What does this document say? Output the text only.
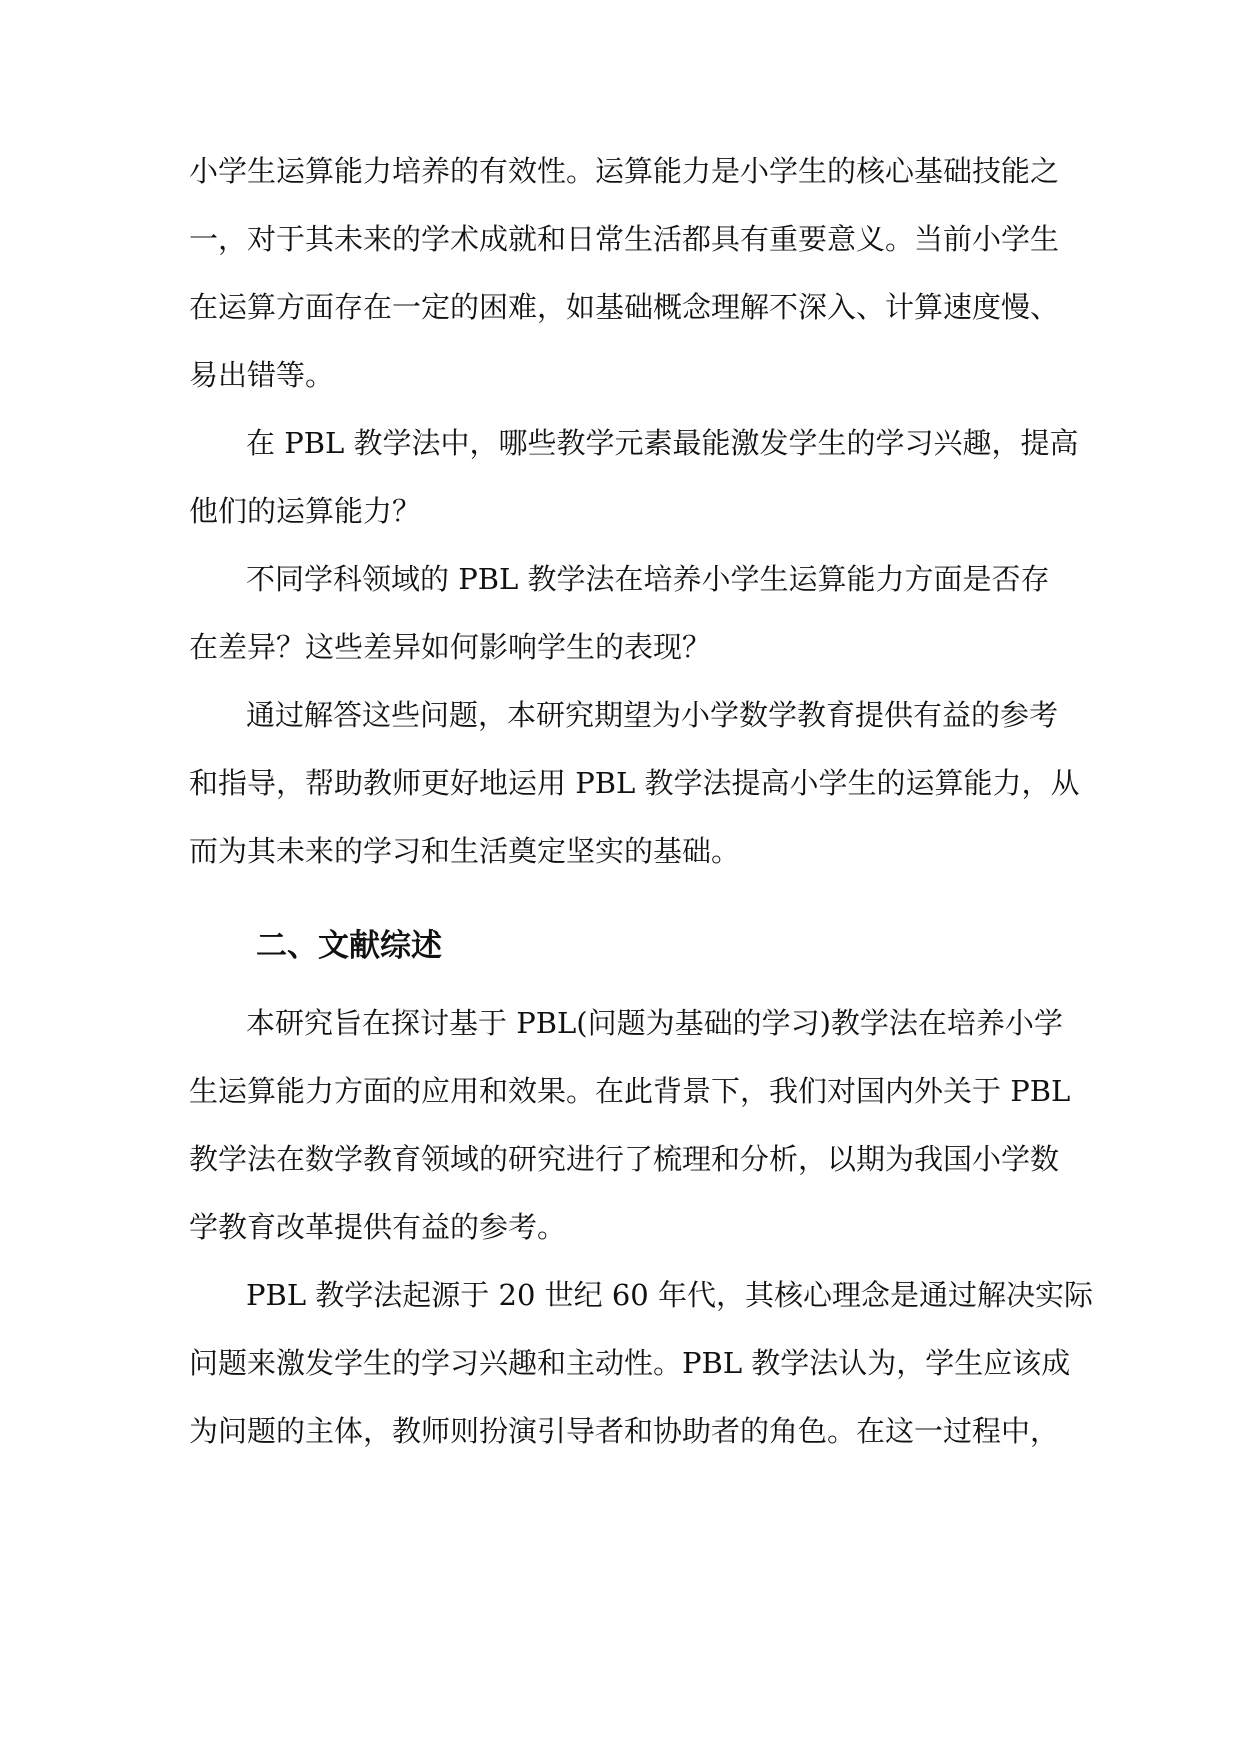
小学生运算能力培养的有效性。运算能力是小学生的核心基础技能之
一，对于其未来的学术成就和日常生活都具有重要意义。当前小学生
在运算方面存在一定的困难，如基础概念理解不深入、计算速度慢、
易出错等。
在 PBL 教学法中，哪些教学元素最能激发学生的学习兴趣，提高
他们的运算能力？
不同学科领域的 PBL 教学法在培养小学生运算能力方面是否存
在差异？这些差异如何影响学生的表现？
通过解答这些问题，本研究期望为小学数学教育提供有益的参考
和指导，帮助教师更好地运用 PBL 教学法提高小学生的运算能力，从
而为其未来的学习和生活奠定坚实的基础。
二、文献综述
本研究旨在探讨基于 PBL(问题为基础的学习)教学法在培养小学
生运算能力方面的应用和效果。在此背景下，我们对国内外关于 PBL
教学法在数学教育领域的研究进行了梳理和分析，以期为我国小学数
学教育改革提供有益的参考。
PBL 教学法起源于 20 世纪 60 年代，其核心理念是通过解决实际
问题来激发学生的学习兴趣和主动性。PBL 教学法认为，学生应该成
为问题的主体，教师则扮演引导者和协助者的角色。在这一过程中，
